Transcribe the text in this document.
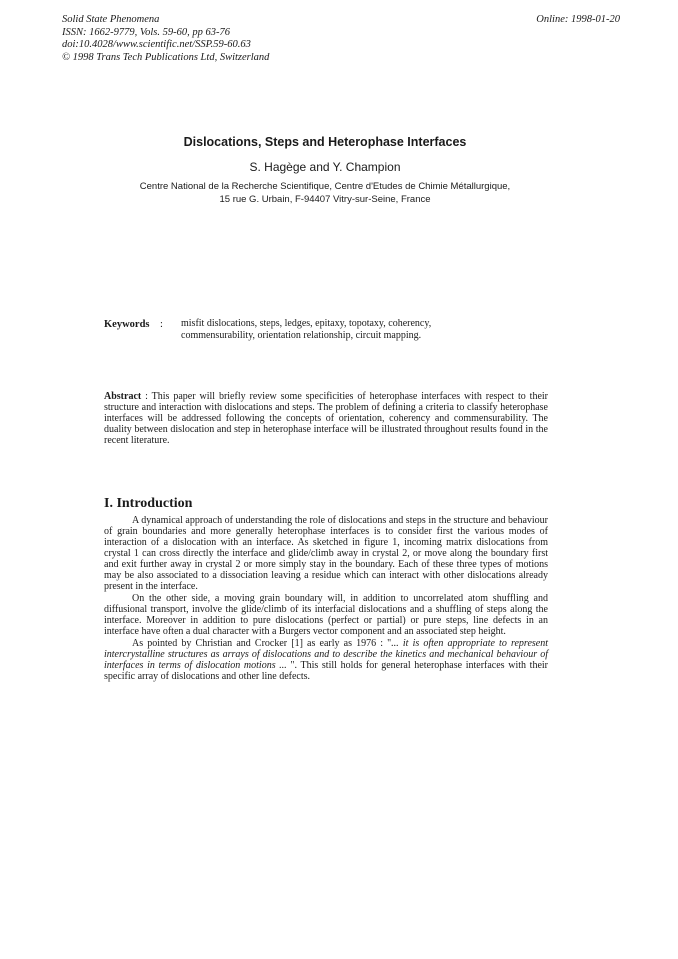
Solid State Phenomena
ISSN: 1662-9779, Vols. 59-60, pp 63-76
doi:10.4028/www.scientific.net/SSP.59-60.63
© 1998 Trans Tech Publications Ltd, Switzerland
Online: 1998-01-20
Dislocations, Steps and Heterophase Interfaces
S. Hagège and Y. Champion
Centre National de la Recherche Scientifique, Centre d'Etudes de Chimie Métallurgique,
15 rue G. Urbain, F-94407 Vitry-sur-Seine, France
Keywords : misfit dislocations, steps, ledges, epitaxy, topotaxy, coherency,
commensurability, orientation relationship, circuit mapping.

Abstract : This paper will briefly review some specificities of heterophase interfaces with respect to their structure and interaction with dislocations and steps. The problem of defining a criteria to classify heterophase interfaces will be addressed following the concepts of orientation, coherency and commensurability. The duality between dislocation and step in heterophase interface will be illustrated throughout results found in the recent literature.

I. Introduction

A dynamical approach of understanding the role of dislocations and steps in the structure and behaviour of grain boundaries and more generally heterophase interfaces is to consider first the various modes of interaction of a dislocation with an interface. As sketched in figure 1, incoming matrix dislocations from crystal 1 can cross directly the interface and glide/climb away in crystal 2, or move along the boundary first and exit further away in crystal 2 or more simply stay in the boundary. Each of these three types of motions may be also associated to a dissociation leaving a residue which can interact with other dislocations already present in the interface.

On the other side, a moving grain boundary will, in addition to uncorrelated atom shuffling and diffusional transport, involve the glide/climb of its interfacial dislocations and a shuffling of steps along the interface. Moreover in addition to pure dislocations (perfect or partial) or pure steps, line defects in an interface have often a dual character with a Burgers vector component and an associated step height.

As pointed by Christian and Crocker [1] as early as 1976 : "... it is often appropriate to represent intercrystalline structures as arrays of dislocations and to describe the kinetics and mechanical behaviour of interfaces in terms of dislocation motions ... ". This still holds for general heterophase interfaces with their specific array of dislocations and other line defects.
